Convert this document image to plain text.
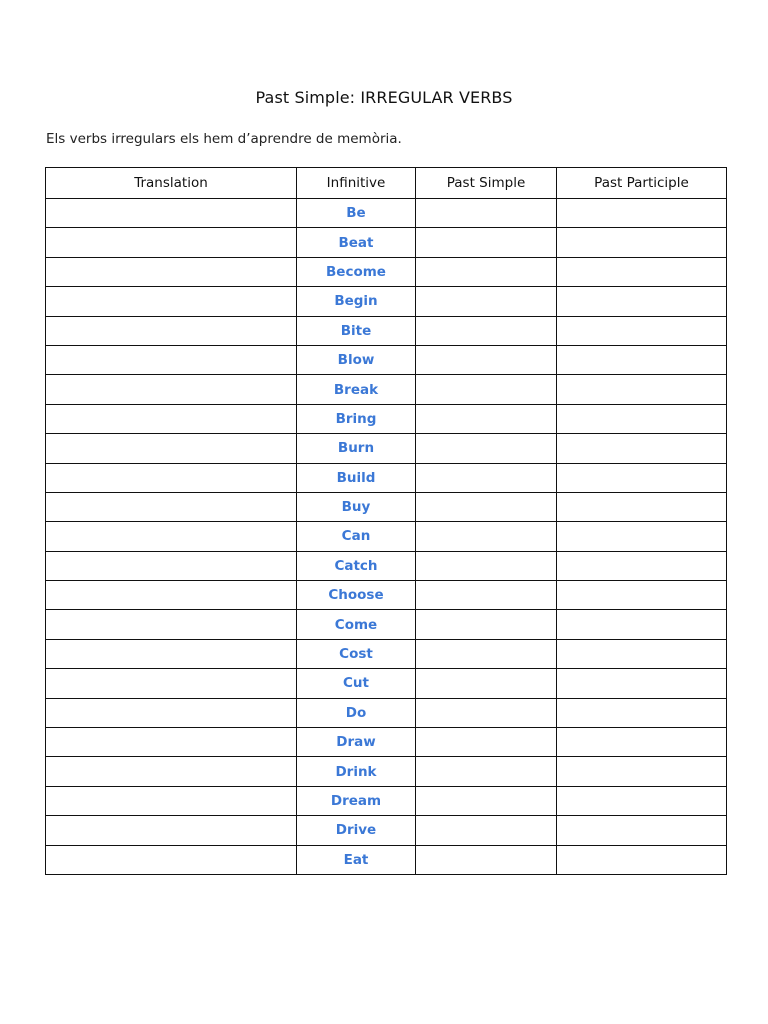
Past Simple: IRREGULAR VERBS
Els verbs irregulars els hem d’aprendre de memòria.
Translation	Infinitive	Past Simple	Past Participle
	Be		
	Beat		
	Become		
	Begin		
	Bite		
	Blow		
	Break		
	Bring		
	Burn		
	Build		
	Buy		
	Can		
	Catch		
	Choose		
	Come		
	Cost		
	Cut		
	Do		
	Draw		
	Drink		
	Dream		
	Drive		
	Eat		
